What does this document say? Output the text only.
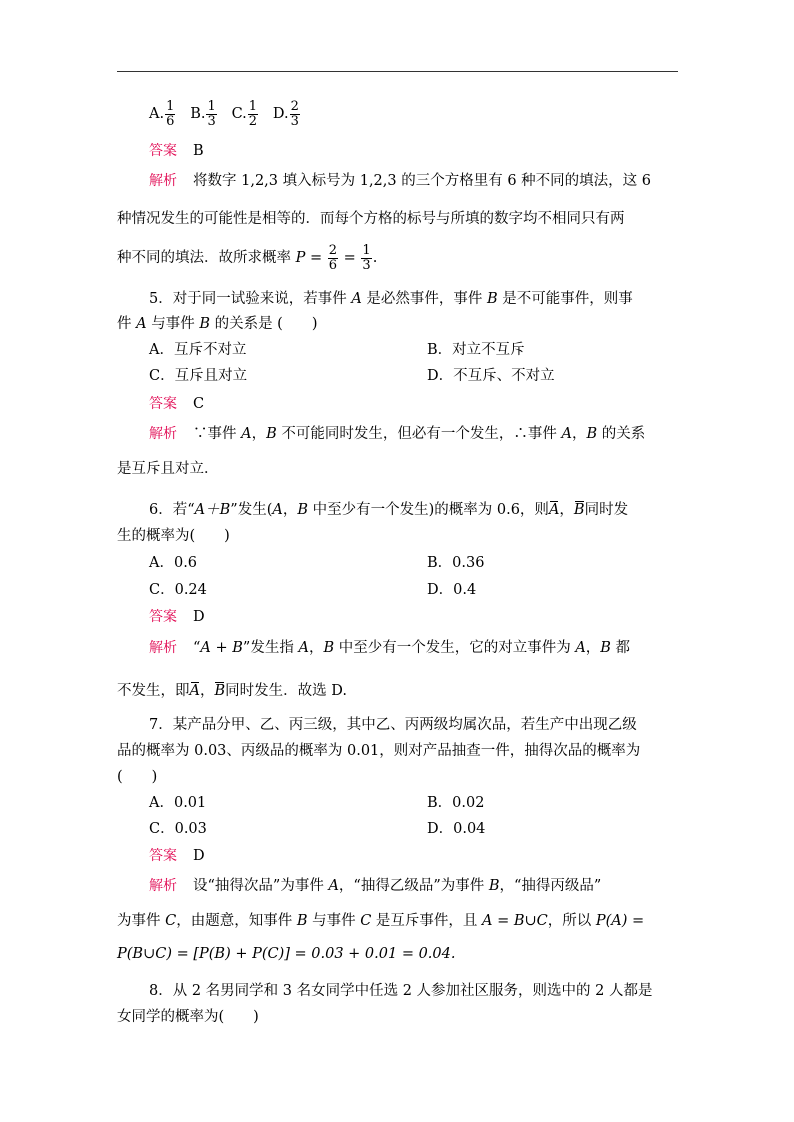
A. $\frac{1}{6} B$. $\frac{1}{3} C$. $\frac{1}{2} D$. $\frac{2}{3}$
答案 B
解析 将数字 1,2,3 填入标号为 1,2,3 的三个方格里有 6 种不同的填法，这 6
种情况发生的可能性是相等的．而每个方格的标号与所填的数字均不相同只有两
种不同的填法．故所求概率 $P = \frac{2}{6} = \frac{1}{3}$ .
5．对于同一试验来说，若事件 A 是必然事件，事件 B 是不可能事件，则事
件 A 与事件 B 的关系是 (　　)
A．互斥不对立	B．对立不互斥
C．互斥且对立	D．不互斥、不对立
答案 C
解析 ∵事件 A，B 不可能同时发生，但必有一个发生，∴事件 A，B 的关系
是互斥且对立．
6．若“A＋B”发生(A，B 中至少有一个发生)的概率为 0.6，则A，B同时发
生的概率为(　　)
A．0.6	B．0.36
C．0.24	D．0.4
答案 D
解析 “A + B”发生指 A，B 中至少有一个发生，它的对立事件为 A，B 都
不发生，即A，B同时发生．故选 D.
7．某产品分甲、乙、丙三级，其中乙、丙两级均属次品，若生产中出现乙级
品的概率为 0.03、丙级品的概率为 0.01，则对产品抽查一件，抽得次品的概率为
(　　)
A．0.01	B．0.02
C．0.03	D．0.04
答案 D
解析 设“抽得次品”为事件 A，“抽得乙级品”为事件 B，“抽得丙级品”
为事件 C，由题意，知事件 B 与事件 C 是互斥事件，且 A = B∪C，所以 P(A) =
P(B∪C) = [P(B) + P(C)] = 0.03 + 0.01 = 0.04.
8．从 2 名男同学和 3 名女同学中任选 2 人参加社区服务，则选中的 2 人都是
女同学的概率为(　　)
